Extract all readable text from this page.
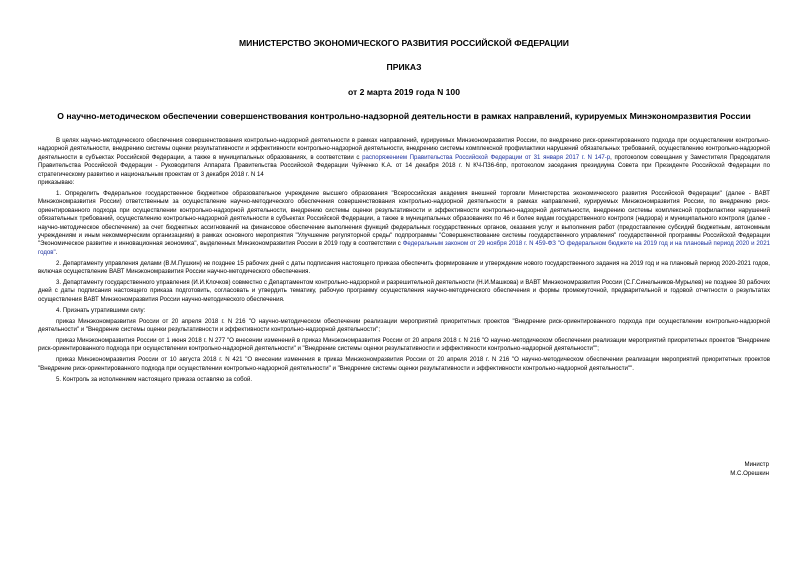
МИНИСТЕРСТВО ЭКОНОМИЧЕСКОГО РАЗВИТИЯ РОССИЙСКОЙ ФЕДЕРАЦИИ
ПРИКАЗ
от 2 марта 2019 года N 100
О научно-методическом обеспечении совершенствования контрольно-надзорной деятельности в рамках направлений, курируемых Минэкономразвития России

В целях научно-методического обеспечения совершенствования контрольно-надзорной деятельности в рамках направлений, курируемых Минэкономразвития России, по внедрению риск-ориентированного подхода при осуществлении контрольно-надзорной деятельности, внедрению системы оценки результативности и эффективности контрольно-надзорной деятельности, внедрению системы комплексной профилактики нарушений обязательных требований, осуществлению контрольно-надзорной деятельности в субъектах Российской Федерации, а также в муниципальных образованиях, в соответствии с распоряжением Правительства Российской Федерации от 31 января 2017 г. N 147-р, протоколом совещания у Заместителя Председателя Правительства Российской Федерации - Руководителя Аппарата Правительства Российской Федерации Чуйченко К.А. от 14 декабря 2018 г. N КЧ-П36-6пр, протоколом заседания президиума Совета при Президенте Российской Федерации по стратегическому развитию и национальным проектам от 3 декабря 2018 г. N 14

приказываю:

1. Определить Федеральное государственное бюджетное образовательное учреждение высшего образования "Всероссийская академия внешней торговли Министерства экономического развития Российской Федерации" (далее - ВАВТ Минэкономразвития России) ответственным за осуществление научно-методического обеспечения совершенствования контрольно-надзорной деятельности в рамках направлений, курируемых Минэкономразвития России, по внедрению риск-ориентированного подхода при осуществлении контрольно-надзорной деятельности, внедрению системы оценки результативности и эффективности контрольно-надзорной деятельности, внедрению системы комплексной профилактики нарушений обязательных требований, осуществлению контрольно-надзорной деятельности в субъектах Российской Федерации, а также в муниципальных образованиях по 46 и более видам государственного контроля (надзора) и муниципального контроля (далее - научно-методическое обеспечение) за счет бюджетных ассигнований на финансовое обеспечение выполнения функций федеральных государственных органов, оказания услуг и выполнения работ (предоставление субсидий бюджетным, автономным учреждениям и иным некоммерческим организациям) в рамках основного мероприятия "Улучшение регуляторной среды" подпрограммы "Совершенствование системы государственного управления" государственной программы Российской Федерации "Экономическое развитие и инновационная экономика", выделенных Минэкономразвития России в 2019 году в соответствии с Федеральным законом от 29 ноября 2018 г. N 459-ФЗ "О федеральном бюджете на 2019 год и на плановый период 2020 и 2021 годов".

2. Департаменту управления делами (В.М.Пушкин) не позднее 15 рабочих дней с даты подписания настоящего приказа обеспечить формирование и утверждение нового государственного задания на 2019 год и на плановый период 2020-2021 годов, включая осуществление ВАВТ Минэкономразвития России научно-методического обеспечения.

3. Департаменту государственного управления (И.И.Клочков) совместно с Департаментом контрольно-надзорной и разрешительной деятельности (Н.И.Машкова) и ВАВТ Минэкономразвития России (С.Г.Синельников-Мурылев) не позднее 30 рабочих дней с даты подписания настоящего приказа подготовить, согласовать и утвердить тематику, рабочую программу осуществления научно-методического обеспечения и формы промежуточной, предварительной и годовой отчетности о результатах осуществления ВАВТ Минэкономразвития России научно-методического обеспечения.

4. Признать утратившими силу:

приказ Минэкономразвития России от 20 апреля 2018 г. N 216 "О научно-методическом обеспечении реализации мероприятий приоритетных проектов "Внедрение риск-ориентированного подхода при осуществлении контрольно-надзорной деятельности" и "Внедрение системы оценки результативности и эффективности контрольно-надзорной деятельности";

приказ Минэкономразвития России от 1 июня 2018 г. N 277 "О внесении изменений в приказ Минэкономразвития России от 20 апреля 2018 г. N 216 "О научно-методическом обеспечении реализации мероприятий приоритетных проектов "Внедрение риск-ориентированного подхода при осуществлении контрольно-надзорной деятельности" и "Внедрение системы оценки результативности и эффективности контрольно-надзорной деятельности"";

приказ Минэкономразвития России от 10 августа 2018 г. N 421 "О внесении изменения в приказ Минэкономразвития России от 20 апреля 2018 г. N 216 "О научно-методическом обеспечении реализации мероприятий приоритетных проектов "Внедрение риск-ориентированного подхода при осуществлении контрольно-надзорной деятельности" и "Внедрение системы оценки результативности и эффективности контрольно-надзорной деятельности"".

5. Контроль за исполнением настоящего приказа оставляю за собой.

Министр
М.С.Орешкин
